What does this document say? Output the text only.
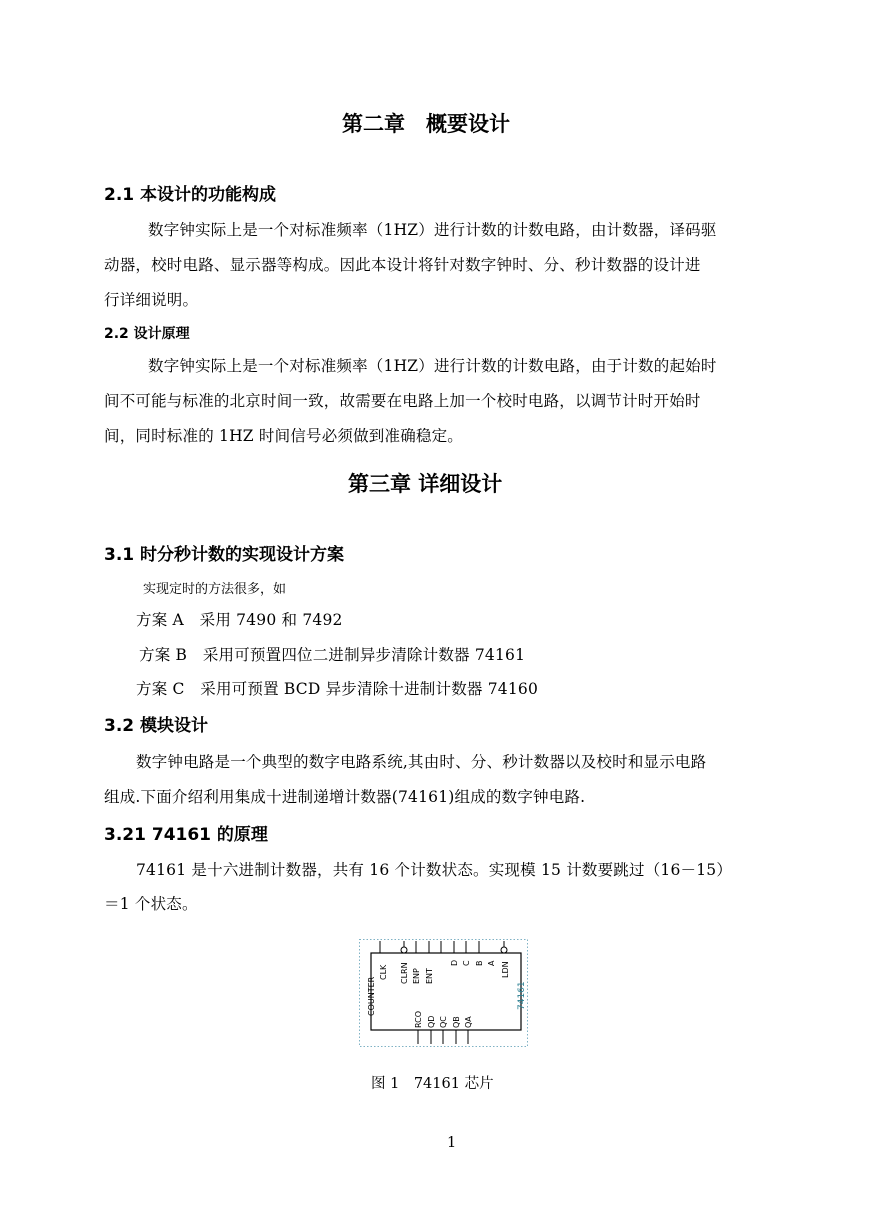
第二章　概要设计
2.1 本设计的功能构成
数字钟实际上是一个对标准频率（1HZ）进行计数的计数电路，由计数器，译码驱
动器，校时电路、显示器等构成。因此本设计将针对数字钟时、分、秒计数器的设计进
行详细说明。
2.2 设计原理
数字钟实际上是一个对标准频率（1HZ）进行计数的计数电路，由于计数的起始时
间不可能与标准的北京时间一致，故需要在电路上加一个校时电路，以调节计时开始时
间，同时标准的 1HZ 时间信号必须做到准确稳定。
第三章 详细设计
3.1 时分秒计数的实现设计方案
实现定时的方法很多，如
方案 A　采用 7490 和 7492
方案 B　采用可预置四位二进制异步清除计数器 74161
方案 C　采用可预置 BCD 异步清除十进制计数器 74160
3.2 模块设计
数字钟电路是一个典型的数字电路系统,其由时、分、秒计数器以及校时和显示电路
组成.下面介绍利用集成十进制递增计数器(74161)组成的数字钟电路.
3.21 74161 的原理
74161 是十六进制计数器，共有 16 个计数状态。实现模 15 计数要跳过（16－15）
＝1 个状态。
COUNTER
CLK CLRN ENP ENT
D C B A LDN
RCO QD QC QB QA
74161
图 1　74161 芯片
1
